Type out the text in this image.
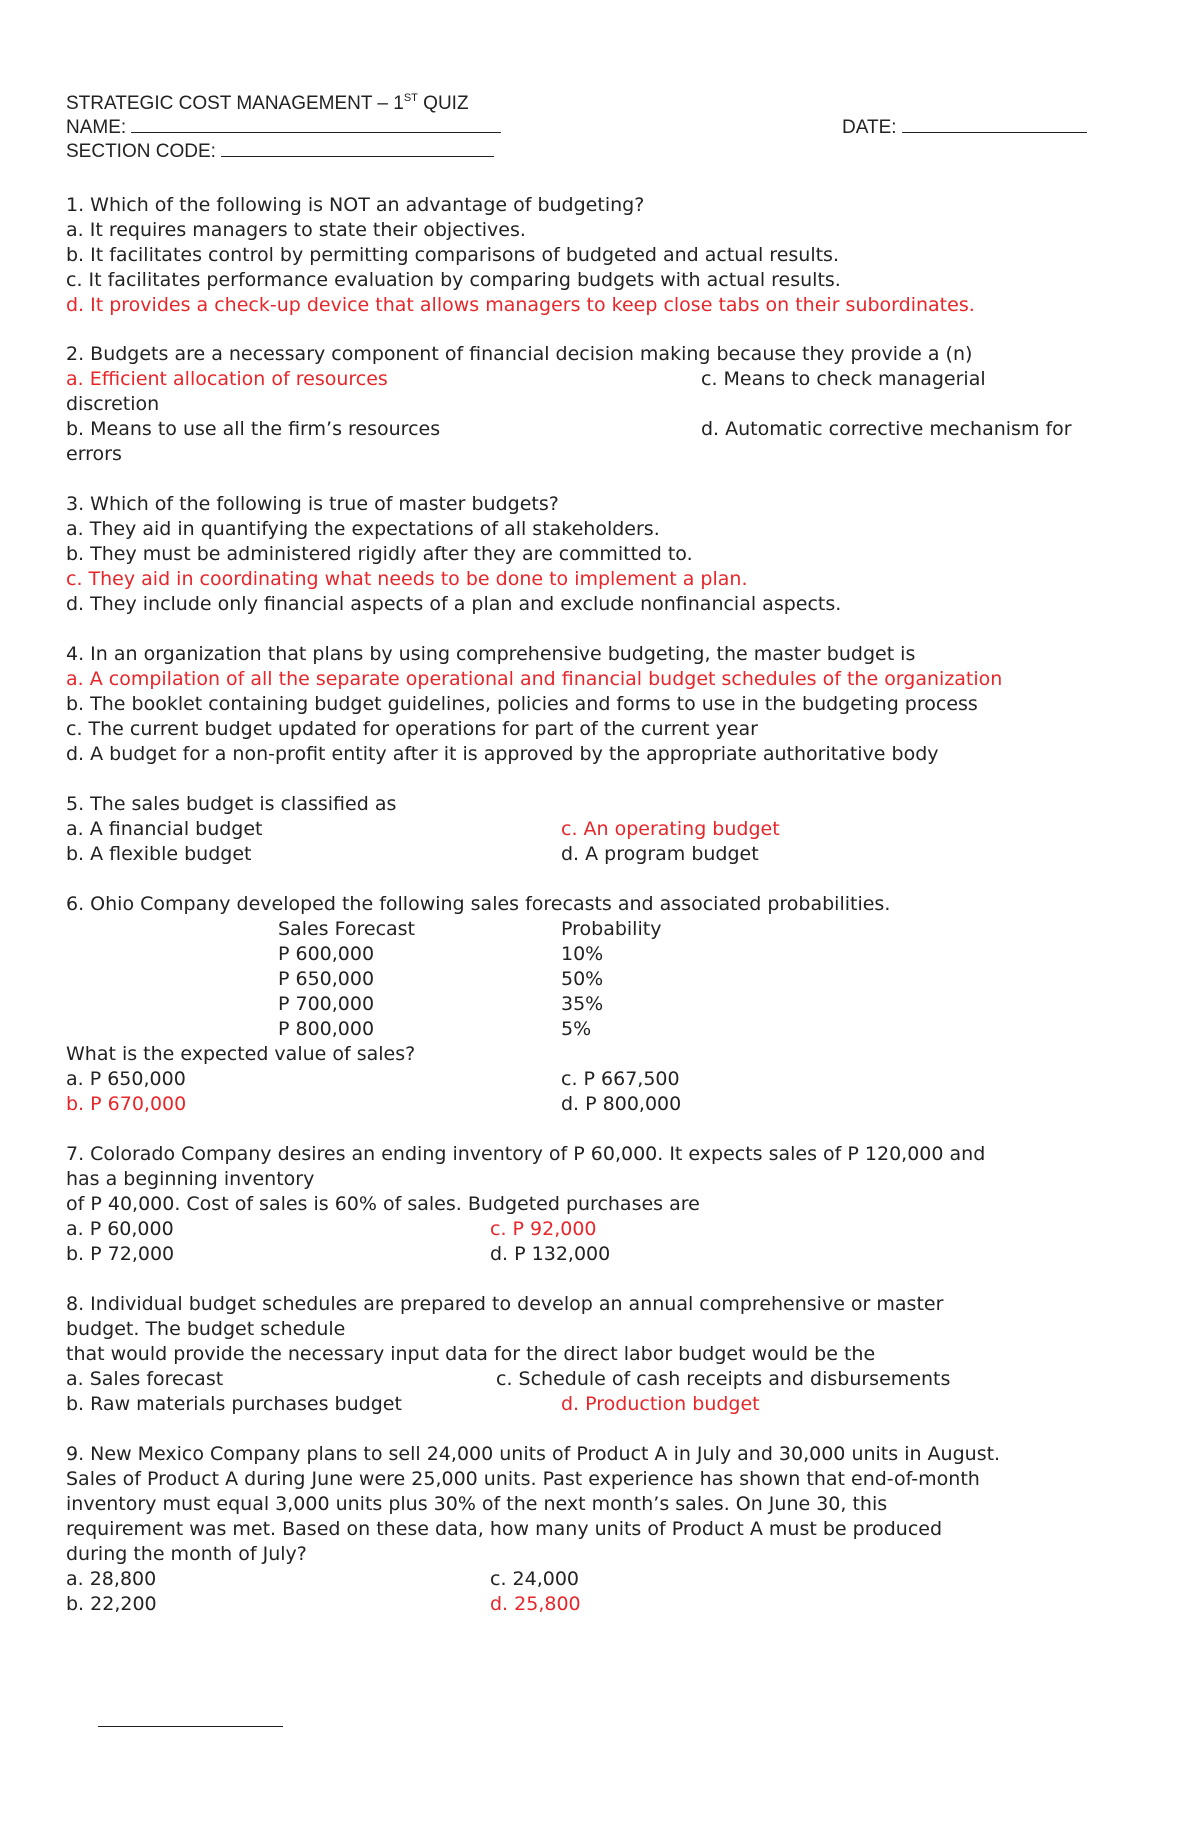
STRATEGIC COST MANAGEMENT – 1ST QUIZ
NAME:	DATE:
SECTION CODE:
1. Which of the following is NOT an advantage of budgeting?
a. It requires managers to state their objectives.
b. It facilitates control by permitting comparisons of budgeted and actual results.
c. It facilitates performance evaluation by comparing budgets with actual results.
d. It provides a check-up device that allows managers to keep close tabs on their subordinates.
2. Budgets are a necessary component of financial decision making because they provide a (n)
a. Efficient allocation of resources	c. Means to check managerial
discretion
b. Means to use all the firm’s resources	d. Automatic corrective mechanism for
errors
3. Which of the following is true of master budgets?
a. They aid in quantifying the expectations of all stakeholders.
b. They must be administered rigidly after they are committed to.
c. They aid in coordinating what needs to be done to implement a plan.
d. They include only financial aspects of a plan and exclude nonfinancial aspects.
4. In an organization that plans by using comprehensive budgeting, the master budget is
a. A compilation of all the separate operational and financial budget schedules of the organization
b. The booklet containing budget guidelines, policies and forms to use in the budgeting process
c. The current budget updated for operations for part of the current year
d. A budget for a non-profit entity after it is approved by the appropriate authoritative body
5. The sales budget is classified as
a. A financial budget	c. An operating budget
b. A flexible budget	d. A program budget
6. Ohio Company developed the following sales forecasts and associated probabilities.
Sales Forecast	Probability
P 600,000	10%
P 650,000	50%
P 700,000	35%
P 800,000	5%
What is the expected value of sales?
a. P 650,000	c. P 667,500
b. P 670,000	d. P 800,000
7. Colorado Company desires an ending inventory of P 60,000. It expects sales of P 120,000 and
has a beginning inventory
of P 40,000. Cost of sales is 60% of sales. Budgeted purchases are
a. P 60,000	c. P 92,000
b. P 72,000	d. P 132,000
8. Individual budget schedules are prepared to develop an annual comprehensive or master
budget. The budget schedule
that would provide the necessary input data for the direct labor budget would be the
a. Sales forecast	c. Schedule of cash receipts and disbursements
b. Raw materials purchases budget	d. Production budget
9. New Mexico Company plans to sell 24,000 units of Product A in July and 30,000 units in August.
Sales of Product A during June were 25,000 units. Past experience has shown that end-of-month
inventory must equal 3,000 units plus 30% of the next month’s sales. On June 30, this
requirement was met. Based on these data, how many units of Product A must be produced
during the month of July?
a. 28,800	c. 24,000
b. 22,200	d. 25,800
